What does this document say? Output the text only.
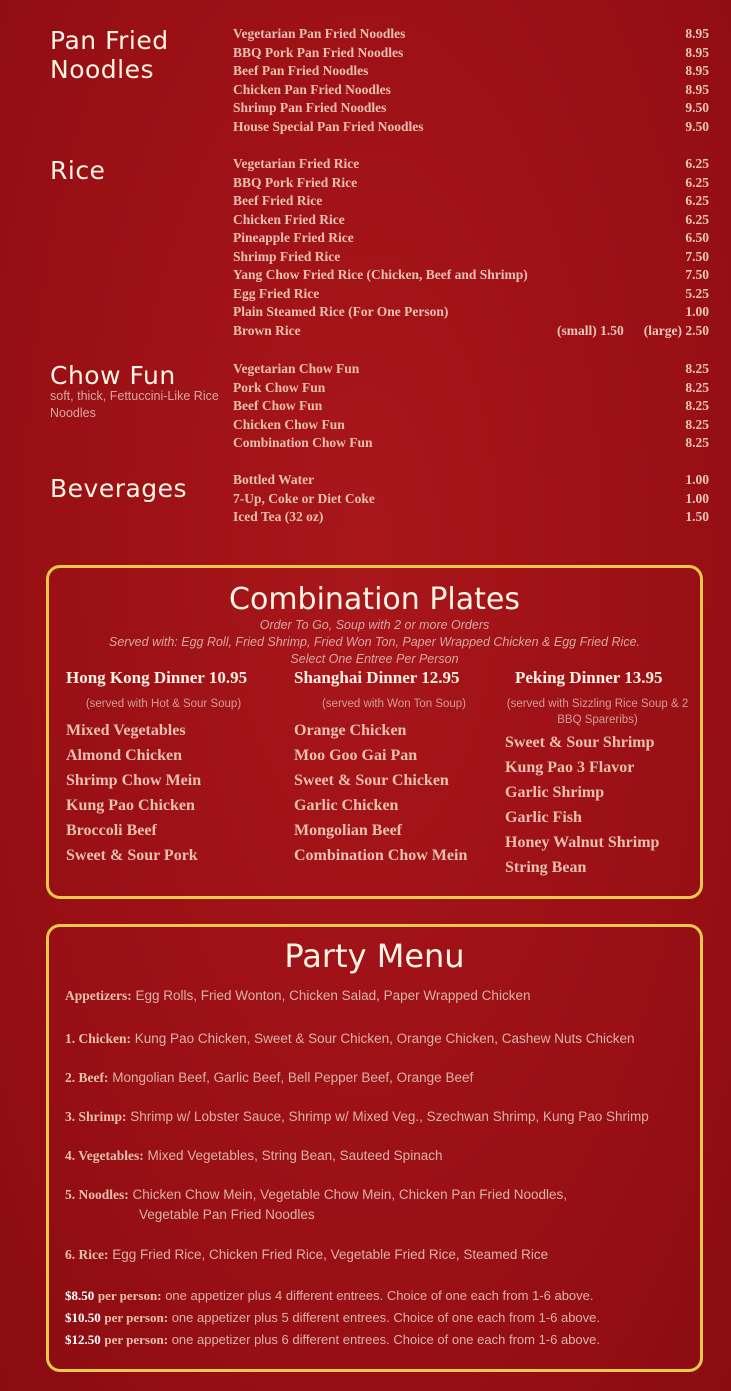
Pan Fried
Noodles
Vegetarian Pan Fried Noodles	8.95
BBQ Pork Pan Fried Noodles	8.95
Beef Pan Fried Noodles	8.95
Chicken Pan Fried Noodles	8.95
Shrimp Pan Fried Noodles	9.50
House Special Pan Fried Noodles	9.50
Rice	Vegetarian Fried Rice	6.25
BBQ Pork Fried Rice	6.25
Beef Fried Rice	6.25
Chicken Fried Rice	6.25
Pineapple Fried Rice	6.50
Shrimp Fried Rice	7.50
Yang Chow Fried Rice (Chicken, Beef and Shrimp)	7.50
Egg Fried Rice	5.25
Plain Steamed Rice (For One Person)	1.00
Brown Rice	(small) 1.50 (large) 2.50
Chow Fun
soft, thick, Fettuccini-Like Rice Noodles
Vegetarian Chow Fun	8.25
Pork Chow Fun	8.25
Beef Chow Fun	8.25
Chicken Chow Fun	8.25
Combination Chow Fun	8.25
Beverages	Bottled Water	1.00
7-Up, Coke or Diet Coke	1.00
Iced Tea (32 oz)	1.50
Combination Plates
Order To Go, Soup with 2 or more Orders
Served with: Egg Roll, Fried Shrimp, Fried Won Ton, Paper Wrapped Chicken & Egg Fried Rice.
Select One Entree Per Person
Hong Kong Dinner 10.95
(served with Hot & Sour Soup)
Mixed Vegetables
Almond Chicken
Shrimp Chow Mein
Kung Pao Chicken
Broccoli Beef
Sweet & Sour Pork
Shanghai Dinner 12.95
(served with Won Ton Soup)
Orange Chicken
Moo Goo Gai Pan
Sweet & Sour Chicken
Garlic Chicken
Mongolian Beef
Combination Chow Mein
Peking Dinner 13.95
(served with Sizzling Rice Soup & 2 BBQ Spareribs)
Sweet & Sour Shrimp
Kung Pao 3 Flavor
Garlic Shrimp
Garlic Fish
Honey Walnut Shrimp
String Bean
Party Menu
Appetizers: Egg Rolls, Fried Wonton, Chicken Salad, Paper Wrapped Chicken
1. Chicken: Kung Pao Chicken, Sweet & Sour Chicken, Orange Chicken, Cashew Nuts Chicken
2. Beef: Mongolian Beef, Garlic Beef, Bell Pepper Beef, Orange Beef
3. Shrimp: Shrimp w/ Lobster Sauce, Shrimp w/ Mixed Veg., Szechwan Shrimp, Kung Pao Shrimp
4. Vegetables: Mixed Vegetables, String Bean, Sauteed Spinach
5. Noodles: Chicken Chow Mein, Vegetable Chow Mein, Chicken Pan Fried Noodles,
Vegetable Pan Fried Noodles
6. Rice: Egg Fried Rice, Chicken Fried Rice, Vegetable Fried Rice, Steamed Rice
$8.50 per person: one appetizer plus 4 different entrees. Choice of one each from 1-6 above.
$10.50 per person: one appetizer plus 5 different entrees. Choice of one each from 1-6 above.
$12.50 per person: one appetizer plus 6 different entrees. Choice of one each from 1-6 above.
